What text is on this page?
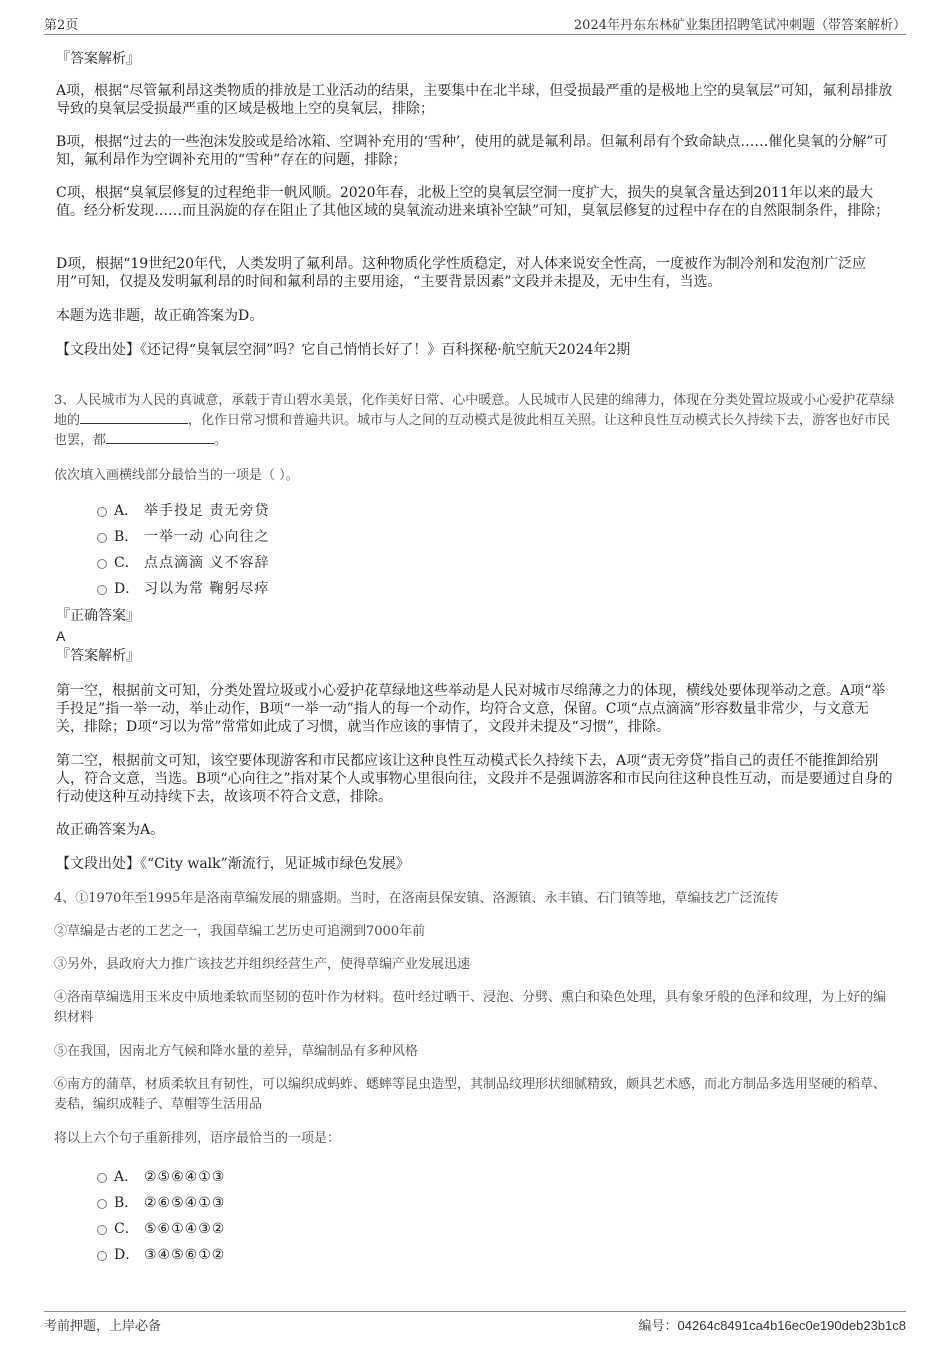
第2页	2024年丹东东林矿业集团招聘笔试冲刺题（带答案解析）

『答案解析』

A项，根据“尽管氟利昂这类物质的排放是工业活动的结果，主要集中在北半球，但受损最严重的是极地上空的臭氧层”可知，氟利昂排放导致的臭氧层受损最严重的区域是极地上空的臭氧层，排除；

B项，根据“过去的一些泡沫发胶或是给冰箱、空调补充用的‘雪种’，使用的就是氟利昂。但氟利昂有个致命缺点……催化臭氧的分解”可知，氟利昂作为空调补充用的“雪种”存在的问题，排除；

C项，根据“臭氧层修复的过程绝非一帆风顺。2020年春，北极上空的臭氧层空洞一度扩大，损失的臭氧含量达到2011年以来的最大值。经分析发现……而且涡旋的存在阻止了其他区域的臭氧流动进来填补空缺”可知，臭氧层修复的过程中存在的自然限制条件，排除；

D项，根据“19世纪20年代，人类发明了氟利昂。这种物质化学性质稳定，对人体来说安全性高，一度被作为制冷剂和发泡剂广泛应用”可知，仅提及发明氟利昂的时间和氟利昂的主要用途，“主要背景因素”文段并未提及，无中生有，当选。

本题为选非题，故正确答案为D。

【文段出处】《还记得“臭氧层空洞”吗？它自己悄悄长好了！》百科探秘·航空航天2024年2期

3、人民城市为人民的真诚意，承载于青山碧水美景，化作美好日常、心中暖意。人民城市人民建的绵薄力，体现在分类处置垃圾或小心爱护花草绿地的	，化作日常习惯和普遍共识。城市与人之间的互动模式是彼此相互关照。让这种良性互动模式长久持续下去，游客也好市民也罢，都	。

依次填入画横线部分最恰当的一项是（ ）。

A． 举手投足 责无旁贷
B． 一举一动 心向往之
C． 点点滴滴 义不容辞
D． 习以为常 鞠躬尽瘁

『正确答案』

A

『答案解析』

第一空，根据前文可知，分类处置垃圾或小心爱护花草绿地这些举动是人民对城市尽绵薄之力的体现，横线处要体现举动之意。A项“举手投足”指一举一动，举止动作，B项“一举一动”指人的每一个动作，均符合文意，保留。C项“点点滴滴”形容数量非常少，与文意无关，排除；D项“习以为常”常常如此成了习惯，就当作应该的事情了，文段并未提及“习惯”，排除。

第二空，根据前文可知，该空要体现游客和市民都应该让这种良性互动模式长久持续下去，A项“责无旁贷”指自己的责任不能推卸给别人，符合文意，当选。B项“心向往之”指对某个人或事物心里很向往，文段并不是强调游客和市民向往这种良性互动，而是要通过自身的行动使这种互动持续下去，故该项不符合文意，排除。

故正确答案为A。

【文段出处】《“City walk”渐流行，见证城市绿色发展》

4、①1970年至1995年是洛南草编发展的鼎盛期。当时，在洛南县保安镇、洛源镇、永丰镇、石门镇等地，草编技艺广泛流传

②草编是古老的工艺之一，我国草编工艺历史可追溯到7000年前

③另外，县政府大力推广该技艺并组织经营生产，使得草编产业发展迅速

④洛南草编选用玉米皮中质地柔软而坚韧的苞叶作为材料。苞叶经过晒干、浸泡、分劈、熏白和染色处理，具有象牙般的色泽和纹理，为上好的编织材料

⑤在我国，因南北方气候和降水量的差异，草编制品有多种风格

⑥南方的蒲草，材质柔软且有韧性，可以编织成蚂蚱、蟋蟀等昆虫造型，其制品纹理形状细腻精致，颇具艺术感，而北方制品多选用坚硬的稻草、麦秸，编织成鞋子、草帽等生活用品

将以上六个句子重新排列，语序最恰当的一项是：

A． ②⑤⑥④①③
B． ②⑥⑤④①③
C． ⑤⑥①④③②
D． ③④⑤⑥①②
考前押题，上岸必备	编号：04264c8491ca4b16ec0e190deb23b1c8
